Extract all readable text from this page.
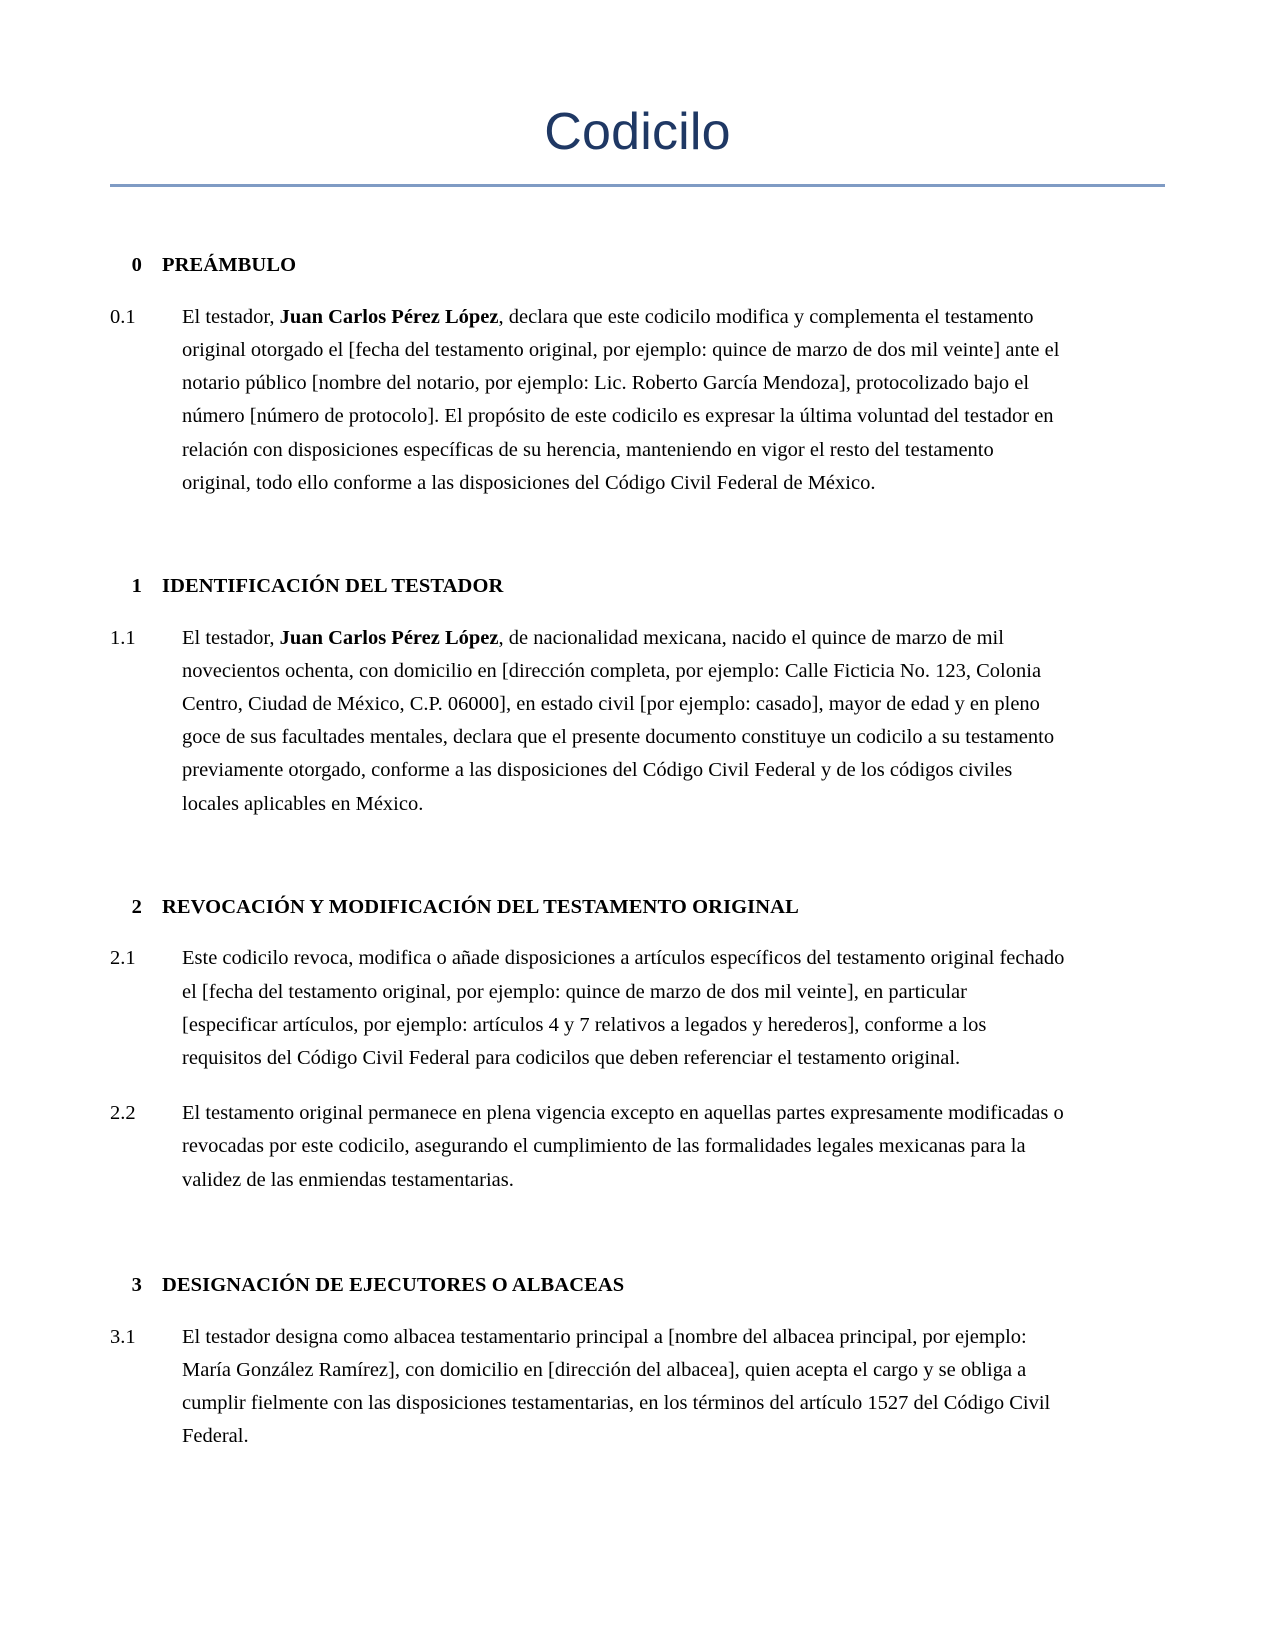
Codicilo
0 PREÁMBULO
0.1	El testador, Juan Carlos Pérez López, declara que este codicilo modifica y complementa el testamento original otorgado el [fecha del testamento original, por ejemplo: quince de marzo de dos mil veinte] ante el notario público [nombre del notario, por ejemplo: Lic. Roberto García Mendoza], protocolizado bajo el número [número de protocolo]. El propósito de este codicilo es expresar la última voluntad del testador en relación con disposiciones específicas de su herencia, manteniendo en vigor el resto del testamento original, todo ello conforme a las disposiciones del Código Civil Federal de México.
1 IDENTIFICACIÓN DEL TESTADOR
1.1	El testador, Juan Carlos Pérez López, de nacionalidad mexicana, nacido el quince de marzo de mil novecientos ochenta, con domicilio en [dirección completa, por ejemplo: Calle Ficticia No. 123, Colonia Centro, Ciudad de México, C.P. 06000], en estado civil [por ejemplo: casado], mayor de edad y en pleno goce de sus facultades mentales, declara que el presente documento constituye un codicilo a su testamento previamente otorgado, conforme a las disposiciones del Código Civil Federal y de los códigos civiles locales aplicables en México.
2 REVOCACIÓN Y MODIFICACIÓN DEL TESTAMENTO ORIGINAL
2.1	Este codicilo revoca, modifica o añade disposiciones a artículos específicos del testamento original fechado el [fecha del testamento original, por ejemplo: quince de marzo de dos mil veinte], en particular [especificar artículos, por ejemplo: artículos 4 y 7 relativos a legados y herederos], conforme a los requisitos del Código Civil Federal para codicilos que deben referenciar el testamento original.
2.2	El testamento original permanece en plena vigencia excepto en aquellas partes expresamente modificadas o revocadas por este codicilo, asegurando el cumplimiento de las formalidades legales mexicanas para la validez de las enmiendas testamentarias.
3 DESIGNACIÓN DE EJECUTORES O ALBACEAS
3.1	El testador designa como albacea testamentario principal a [nombre del albacea principal, por ejemplo: María González Ramírez], con domicilio en [dirección del albacea], quien acepta el cargo y se obliga a cumplir fielmente con las disposiciones testamentarias, en los términos del artículo 1527 del Código Civil Federal.
